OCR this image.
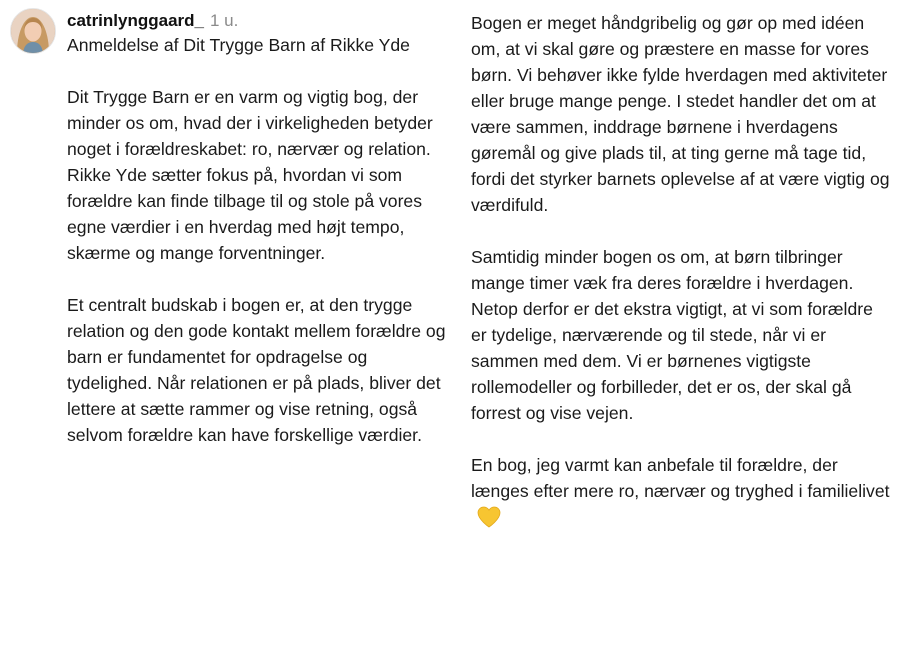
catrinlynggaard_ 1 u.

Anmeldelse af Dit Trygge Barn af Rikke Yde

Dit Trygge Barn er en varm og vigtig bog, der minder os om, hvad der i virkeligheden betyder noget i forældreskabet: ro, nærvær og relation. Rikke Yde sætter fokus på, hvordan vi som forældre kan finde tilbage til og stole på vores egne værdier i en hverdag med højt tempo, skærme og mange forventninger.

Et centralt budskab i bogen er, at den trygge relation og den gode kontakt mellem forældre og barn er fundamentet for opdragelse og tydelighed. Når relationen er på plads, bliver det lettere at sætte rammer og vise retning, også selvom forældre kan have forskellige værdier.

Bogen er meget håndgribelig og gør op med idéen om, at vi skal gøre og præstere en masse for vores børn. Vi behøver ikke fylde hverdagen med aktiviteter eller bruge mange penge. I stedet handler det om at være sammen, inddrage børnene i hverdagens gøremål og give plads til, at ting gerne må tage tid, fordi det styrker barnets oplevelse af at være vigtig og værdifuld.

Samtidig minder bogen os om, at børn tilbringer mange timer væk fra deres forældre i hverdagen. Netop derfor er det ekstra vigtigt, at vi som forældre er tydelige, nærværende og til stede, når vi er sammen med dem. Vi er børnenes vigtigste rollemodeller og forbilleder, det er os, der skal gå forrest og vise vejen.

En bog, jeg varmt kan anbefale til forældre, der længes efter mere ro, nærvær og tryghed i familielivet
